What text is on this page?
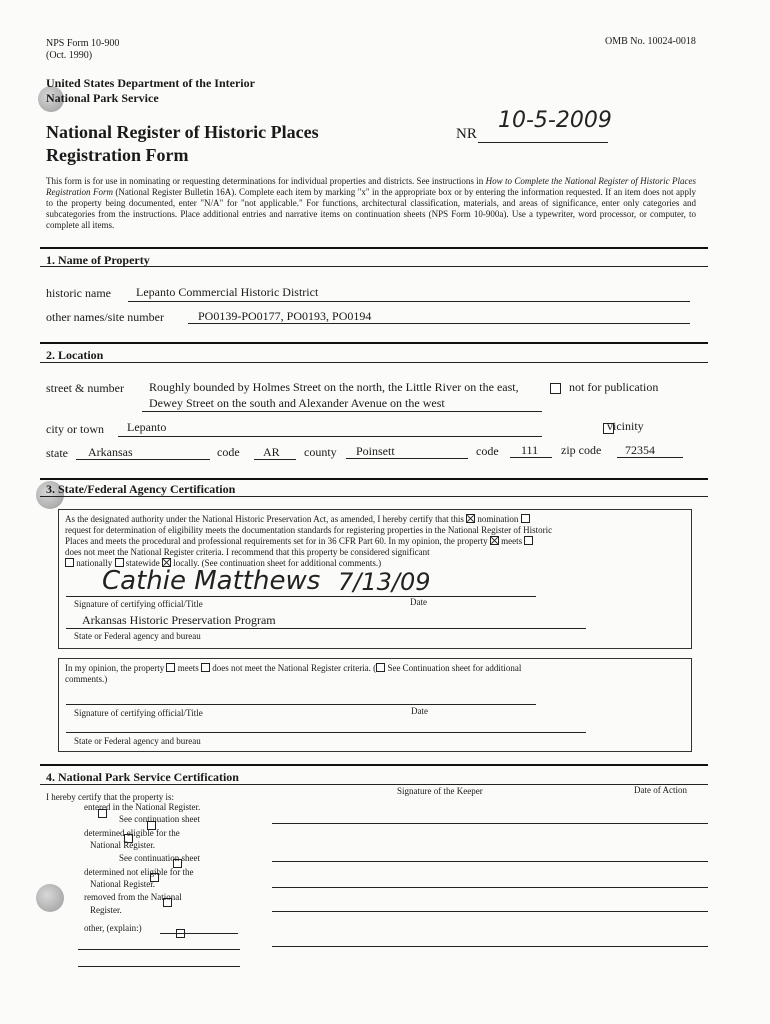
NPS Form 10-900
(Oct. 1990)
OMB No. 10024-0018
United States Department of the Interior
National Park Service
National Register of Historic Places
Registration Form
NR
10-5-2009
This form is for use in nominating or requesting determinations for individual properties and districts. See instructions in How to Complete the National Register of Historic Places Registration Form (National Register Bulletin 16A). Complete each item by marking "x" in the appropriate box or by entering the information requested. If an item does not apply to the property being documented, enter "N/A" for "not applicable." For functions, architectural classification, materials, and areas of significance, enter only categories and subcategories from the instructions. Place additional entries and narrative items on continuation sheets (NPS Form 10-900a). Use a typewriter, word processor, or computer, to complete all items.
1. Name of Property
historic name Lepanto Commercial Historic District
other names/site number	PO0139-PO0177, PO0193, PO0194
2. Location
street & number Roughly bounded by Holmes Street on the north, the Little River on the east,
Dewey Street on the south and Alexander Avenue on the west

not for publication
city or town Lepanto
	vicinity
state Arkansas	code AR county Poinsett	code 111 zip code 72354
3. State/Federal Agency Certification
As the designated authority under the National Historic Preservation Act, as amended, I hereby certify that this nomination
request for determination of eligibility meets the documentation standards for registering properties in the National Register of Historic
Places and meets the procedural and professional requirements set for in 36 CFR Part 60. In my opinion, the property meets
does not meet the National Register criteria. I recommend that this property be considered significant
nationally statewide locally. (See continuation sheet for additional comments.)
Cathie Matthews 7/13/09
Signature of certifying official/Title	Date
Arkansas Historic Preservation Program
State or Federal agency and bureau
In my opinion, the property meets does not meet the National Register criteria. ( See Continuation sheet for additional
comments.)
Signature of certifying official/Title	Date
State or Federal agency and bureau
4. National Park Service Certification
I hereby certify that the property is:
Signature of the Keeper	Date of Action

entered in the National Register.

See continuation sheet

determined eligible for the
National Register.

See continuation sheet

determined not eligible for the
National Register.

removed from the National
Register.
other, (explain:)
